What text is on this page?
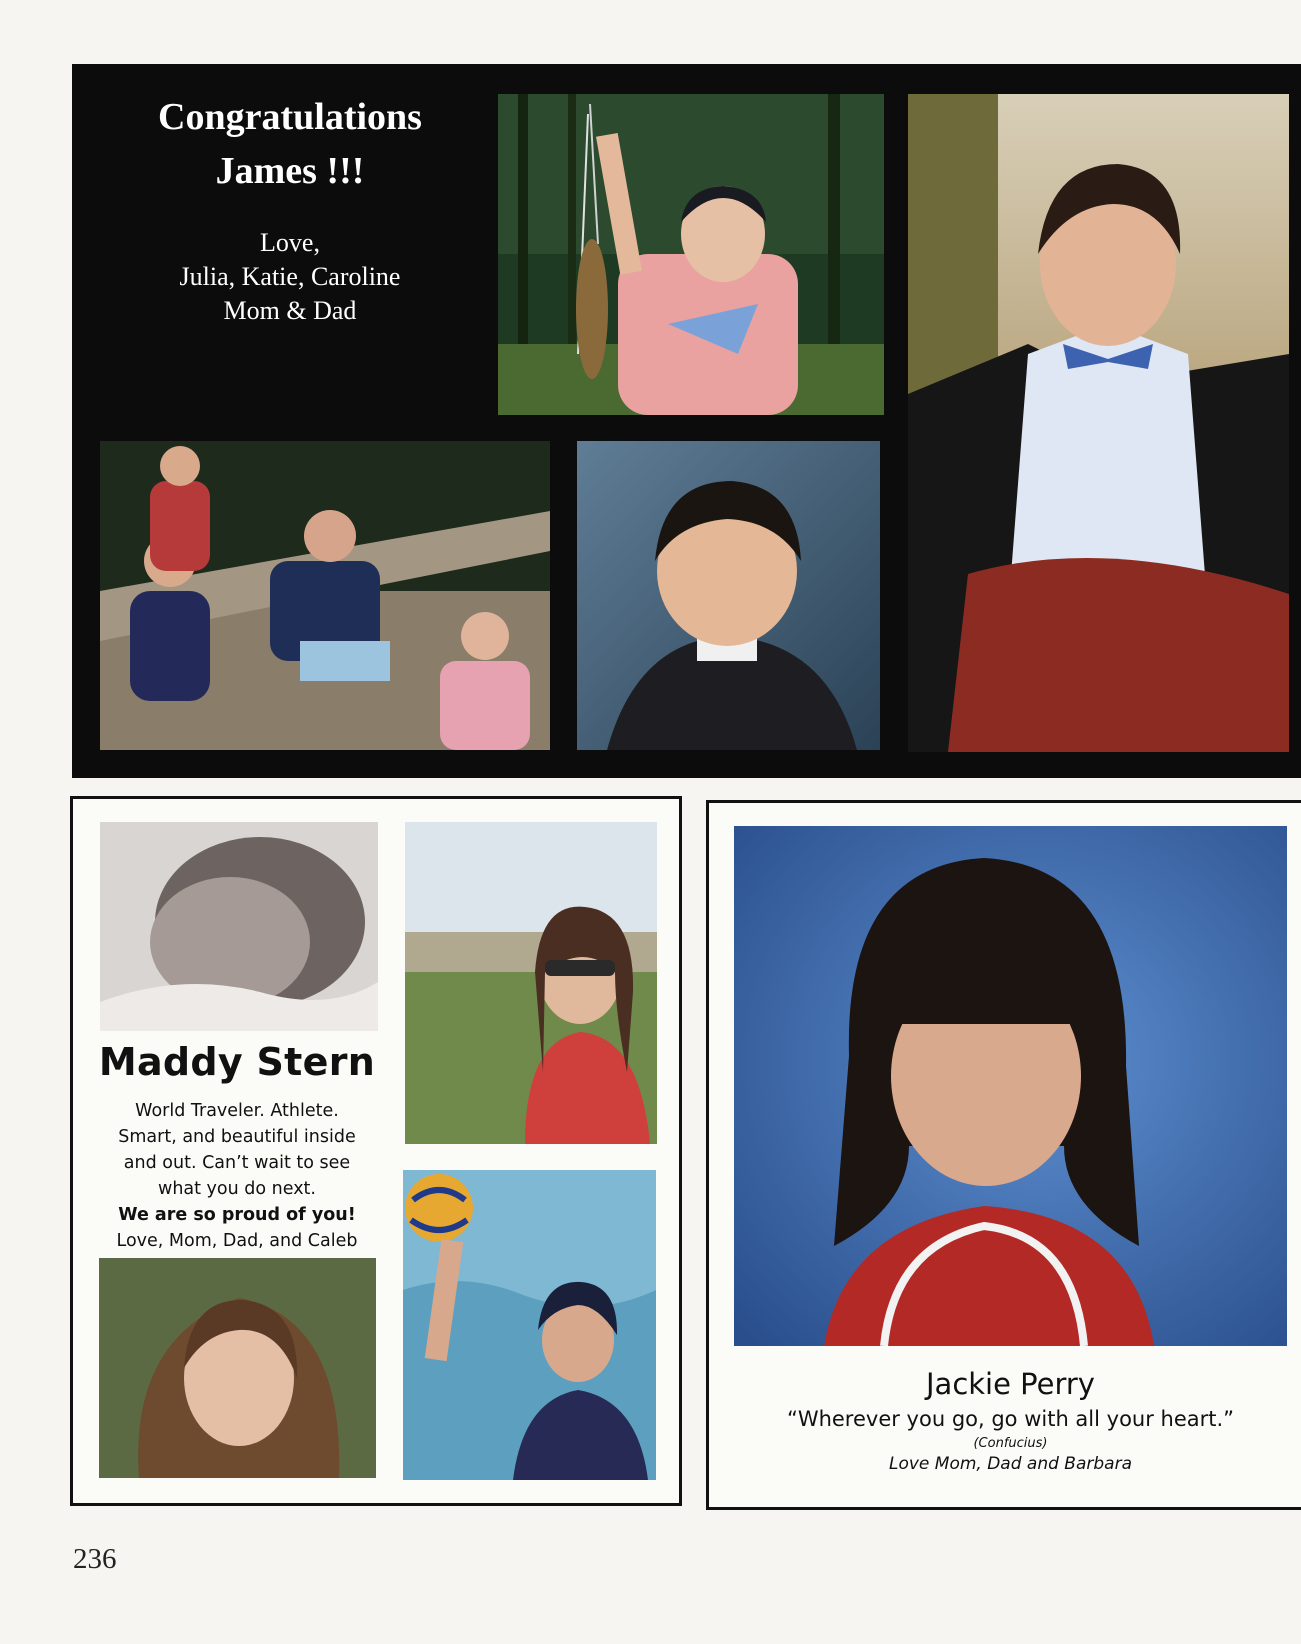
Congratulations
James !!!
Love,
Julia, Katie, Caroline
Mom & Dad
Maddy Stern
World Traveler. Athlete.
Smart, and beautiful inside
and out. Can’t wait to see
what you do next.
We are so proud of you!
Love, Mom, Dad, and Caleb
Jackie Perry
“Wherever you go, go with all your heart.”
(Confucius)
Love Mom, Dad and Barbara
236
